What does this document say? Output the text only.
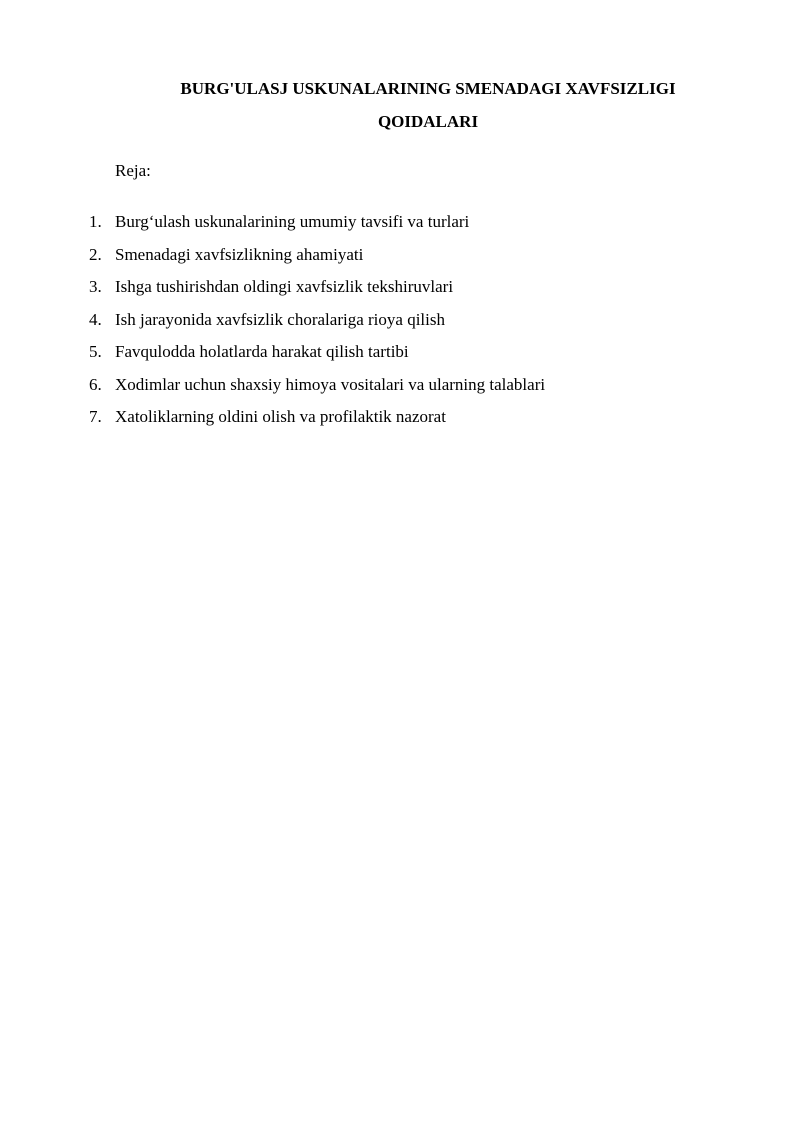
BURG'ULASJ USKUNALARINING SMENADAGI XAVFSIZLIGI
QOIDALARI

Reja:

1. Burg‘ulash uskunalarining umumiy tavsifi va turlari
2. Smenadagi xavfsizlikning ahamiyati
3. Ishga tushirishdan oldingi xavfsizlik tekshiruvlari
4. Ish jarayonida xavfsizlik choralariga rioya qilish
5. Favqulodda holatlarda harakat qilish tartibi
6. Xodimlar uchun shaxsiy himoya vositalari va ularning talablari
7. Xatoliklarning oldini olish va profilaktik nazorat
